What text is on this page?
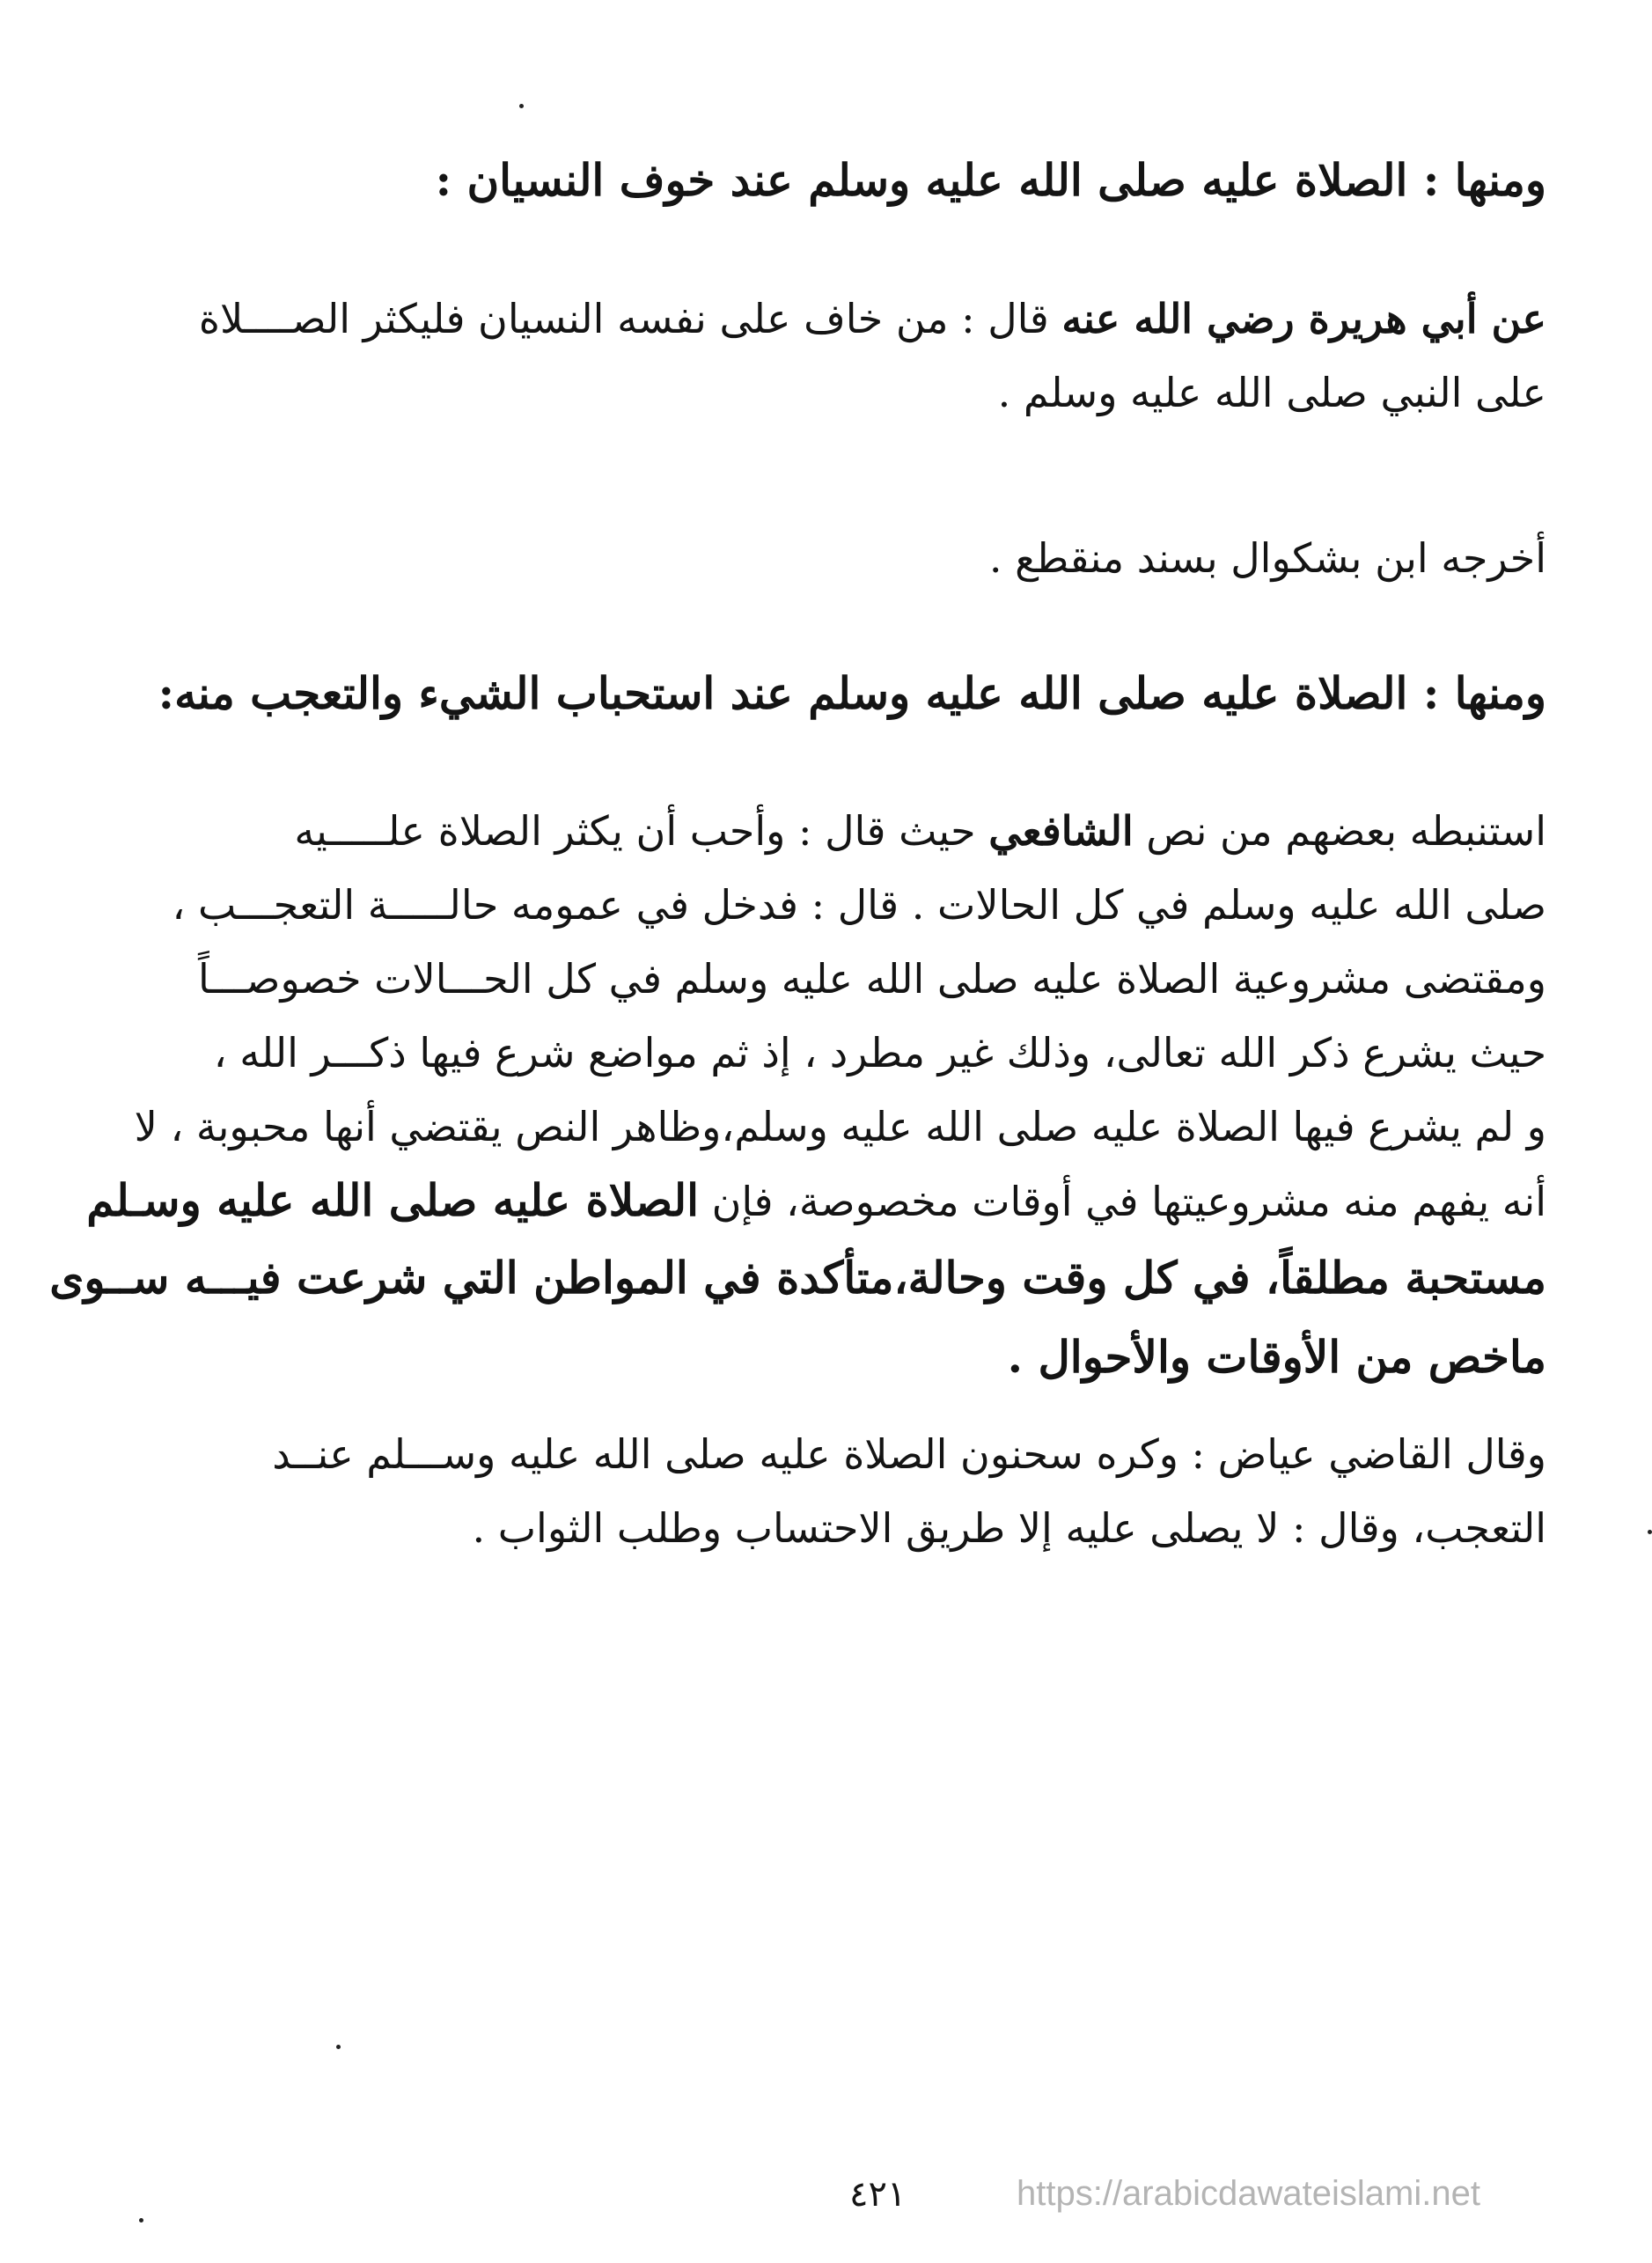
ومنها : الصلاة عليه صلى الله عليه وسلم عند خوف النسيان :
عن أبي هريرة رضي الله عنه قال : من خاف على نفسه النسيان فليكثر الصــــلاة
على النبي صلى الله عليه وسلم .
أخرجه ابن بشكوال بسند منقطع .
ومنها : الصلاة عليه صلى الله عليه وسلم عند استحباب الشيء والتعجب منه:
استنبطه بعضهم من نص الشافعي حيث قال : وأحب أن يكثر الصلاة علـــــيه
صلى الله عليه وسلم في كل الحالات . قال : فدخل في عمومه حالـــــة التعجـــب ،
ومقتضى مشروعية الصلاة عليه صلى الله عليه وسلم في كل الحـــالات خصوصـــاً
حيث يشرع ذكر الله تعالى، وذلك غير مطرد ، إذ ثم مواضع شرع فيها ذكـــر الله ،
و لم يشرع فيها الصلاة عليه صلى الله عليه وسلم،وظاهر النص يقتضي أنها محبوبة ، لا
أنه يفهم منه مشروعيتها في أوقات مخصوصة، فإن الصلاة عليه صلى الله عليه وسـلم
مستحبة مطلقاً، في كل وقت وحالة،متأكدة في المواطن التي شرعت فيـــه ســوى
ماخص من الأوقات والأحوال .
وقال القاضي عياض : وكره سحنون الصلاة عليه صلى الله عليه وســـلم عنــد
التعجب، وقال : لا يصلى عليه إلا طريق الاحتساب وطلب الثواب .
٤٢١	https://arabicdawateislami.net
